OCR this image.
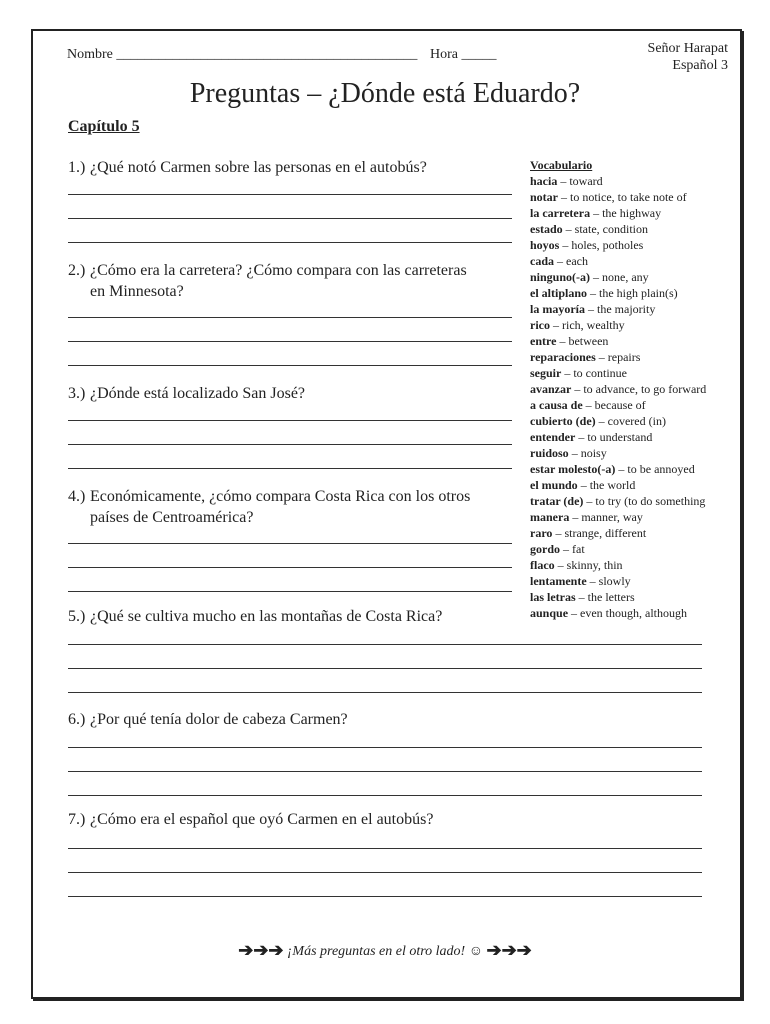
Nombre ___________________________________________ Hora _____	Señor Harapat
Español 3
Preguntas – ¿Dónde está Eduardo?
Capítulo 5
1.) ¿Qué notó Carmen sobre las personas en el autobús?
2.) ¿Cómo era la carretera? ¿Cómo compara con las carreteras
en Minnesota?
3.) ¿Dónde está localizado San José?
4.) Económicamente, ¿cómo compara Costa Rica con los otros
países de Centroamérica?
5.) ¿Qué se cultiva mucho en las montañas de Costa Rica?
6.) ¿Por qué tenía dolor de cabeza Carmen?
7.) ¿Cómo era el español que oyó Carmen en el autobús?
Vocabulario
hacia – toward
notar – to notice, to take note of
la carretera – the highway
estado – state, condition
hoyos – holes, potholes
cada – each
ninguno(-a) – none, any
el altiplano – the high plain(s)
la mayoría – the majority
rico – rich, wealthy
entre – between
reparaciones – repairs
seguir – to continue
avanzar – to advance, to go forward
a causa de – because of
cubierto (de) – covered (in)
entender – to understand
ruidoso – noisy
estar molesto(-a) – to be annoyed
el mundo – the world
tratar (de) – to try (to do something
manera – manner, way
raro – strange, different
gordo – fat
flaco – skinny, thin
lentamente – slowly
las letras – the letters
aunque – even though, although
➔➔➔ ¡Más preguntas en el otro lado! ☺ ➔➔➔
